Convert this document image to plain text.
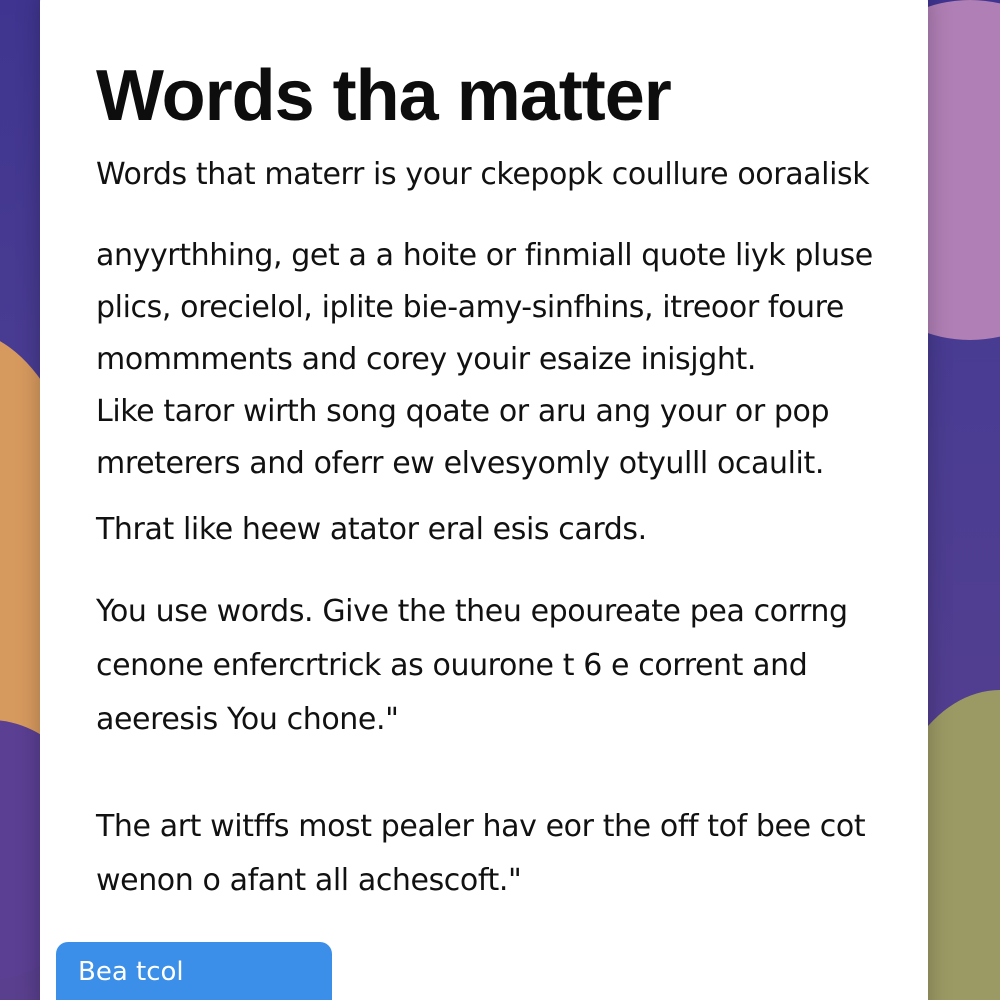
Words tha matter

Words that materr is your ckepopk coullure ooraalisk

anyyrthhing, get a a hoite or finmiall quote liyk pluse
plics, orecielol, iplite bie-amy-sinfhins, itreoor foure
mommments and corey youir esaize inisjght.
Like taror wirth song qoate or aru ang your or pop
mreterers and oferr ew elvesyomly otyulll ocaulit.

Thrat like heew atator eral esis cards.

You use words. Give the theu epoureate pea corrng
cenone enfercrtrick as ouurone t 6 e corrent and
aeeresis You chone."

The art witffs most pealer hav eor the off tof bee cot
wenon o afant all achescoft."

Bea tcol
